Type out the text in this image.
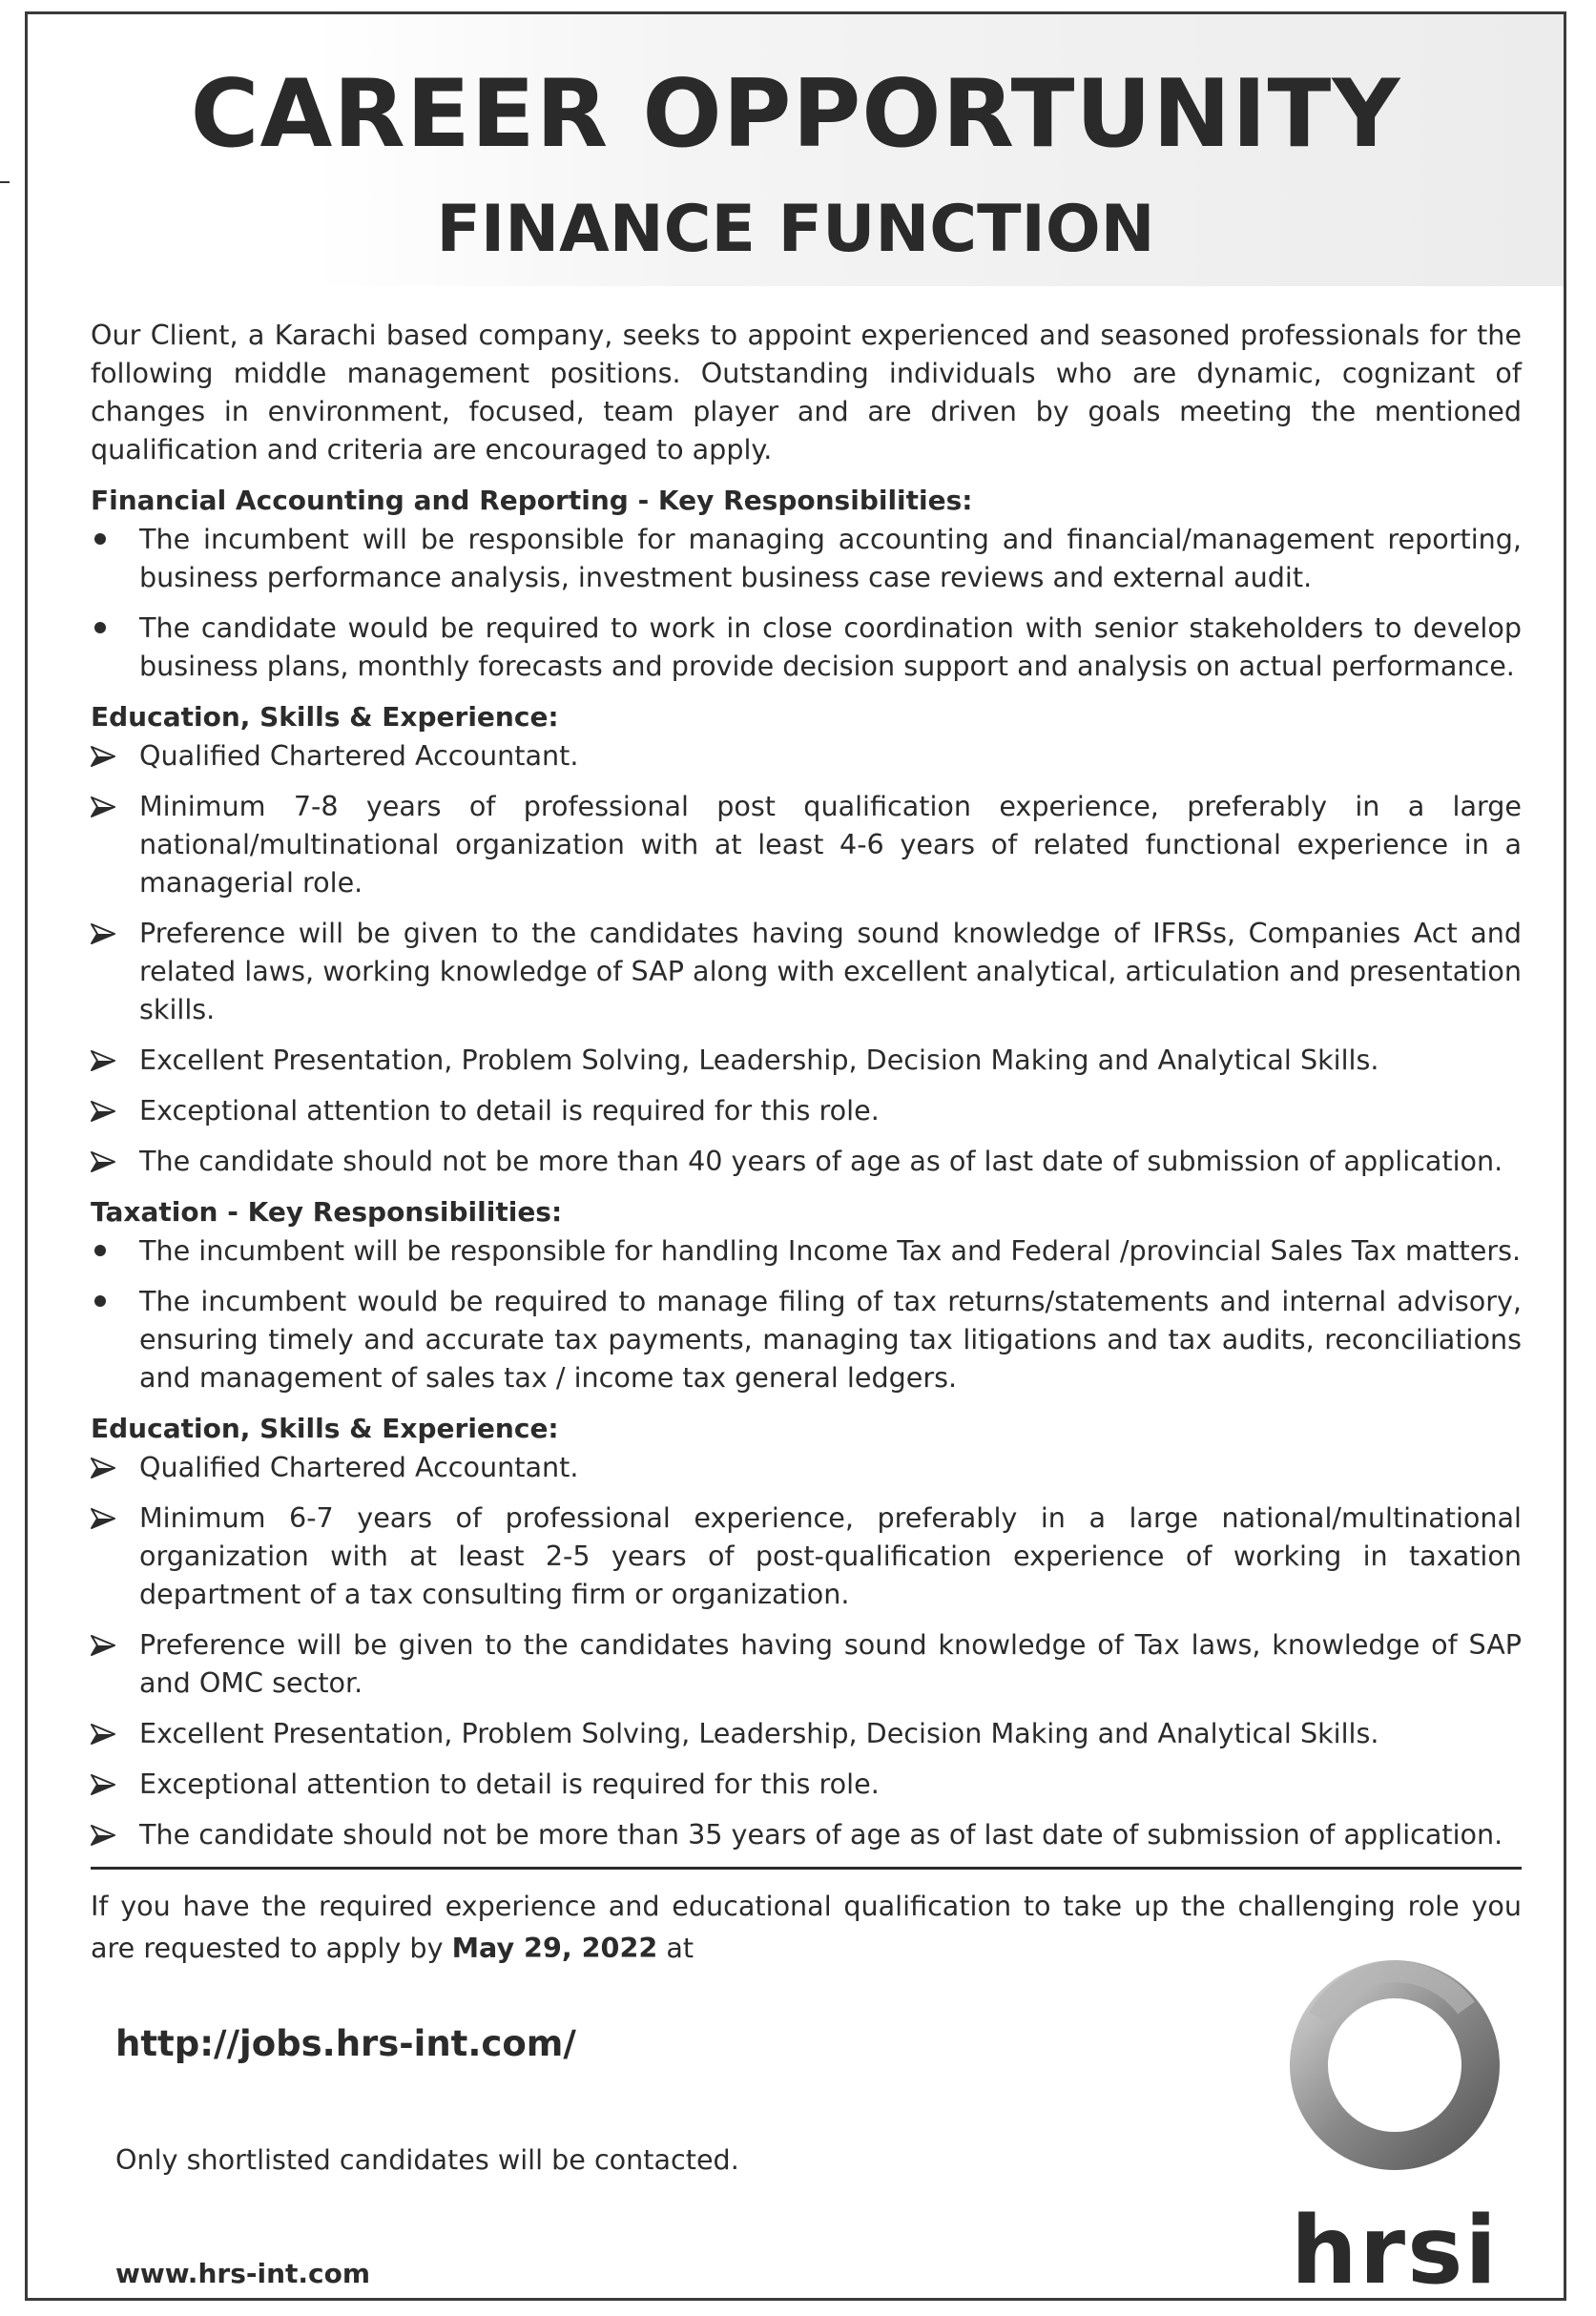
CAREER OPPORTUNITY
FINANCE FUNCTION

Our Client, a Karachi based company, seeks to appoint experienced and seasoned professionals for the following middle management positions. Outstanding individuals who are dynamic, cognizant of changes in environment, focused, team player and are driven by goals meeting the mentioned qualification and criteria are encouraged to apply.

Financial Accounting and Reporting - Key Responsibilities:

The incumbent will be responsible for managing accounting and financial/management reporting, business performance analysis, investment business case reviews and external audit.
The candidate would be required to work in close coordination with senior stakeholders to develop business plans, monthly forecasts and provide decision support and analysis on actual performance.

Education, Skills & Experience:

Qualified Chartered Accountant.
Minimum 7-8 years of professional post qualification experience, preferably in a large national/multinational organization with at least 4-6 years of related functional experience in a managerial role.
Preference will be given to the candidates having sound knowledge of IFRSs, Companies Act and related laws, working knowledge of SAP along with excellent analytical, articulation and presentation skills.
Excellent Presentation, Problem Solving, Leadership, Decision Making and Analytical Skills.
Exceptional attention to detail is required for this role.
The candidate should not be more than 40 years of age as of last date of submission of application.

Taxation - Key Responsibilities:

The incumbent will be responsible for handling Income Tax and Federal /provincial Sales Tax matters.
The incumbent would be required to manage filing of tax returns/statements and internal advisory, ensuring timely and accurate tax payments, managing tax litigations and tax audits, reconciliations and management of sales tax / income tax general ledgers.

Education, Skills & Experience:

Qualified Chartered Accountant.
Minimum 6-7 years of professional experience, preferably in a large national/multinational organization with at least 2-5 years of post-qualification experience of working in taxation department of a tax consulting firm or organization.
Preference will be given to the candidates having sound knowledge of Tax laws, knowledge of SAP and OMC sector.
Excellent Presentation, Problem Solving, Leadership, Decision Making and Analytical Skills.
Exceptional attention to detail is required for this role.
The candidate should not be more than 35 years of age as of last date of submission of application.

If you have the required experience and educational qualification to take up the challenging role you are requested to apply by May 29, 2022 at

http://jobs.hrs-int.com/
Only shortlisted candidates will be contacted.
www.hrs-int.com	hrsi
